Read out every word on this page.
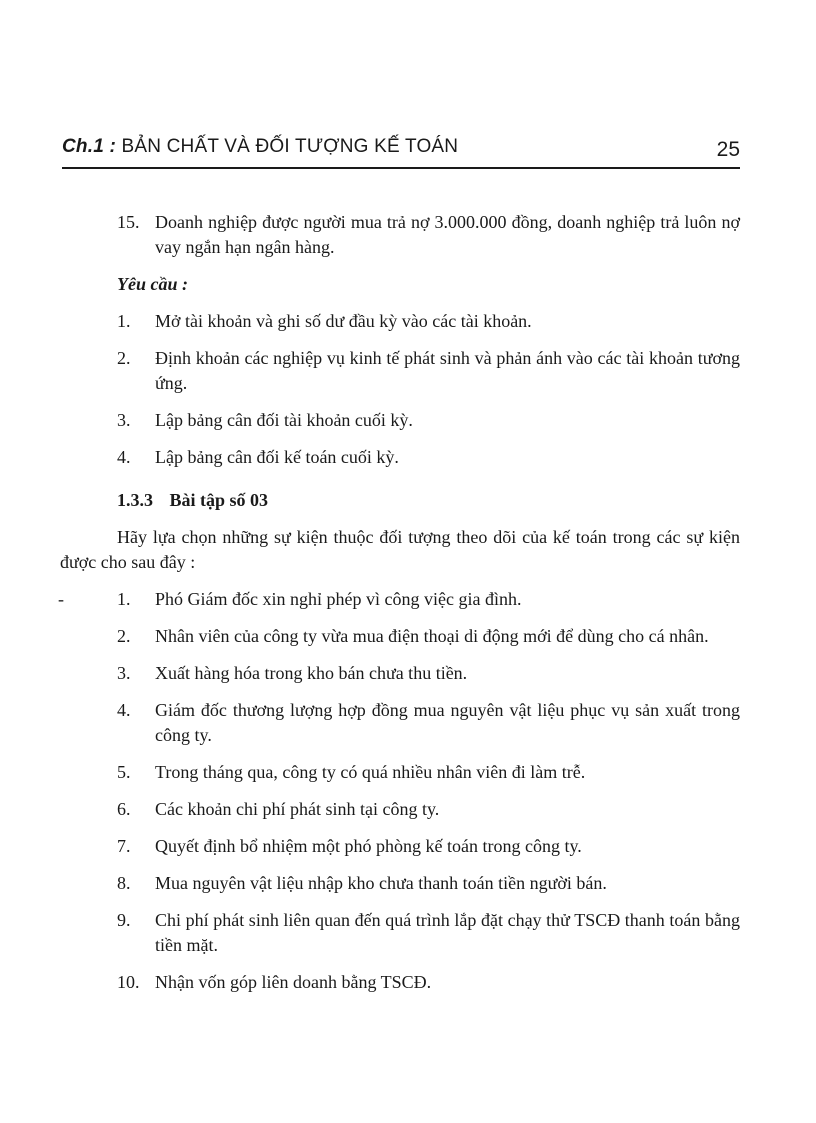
Ch.1 : BẢN CHẤT VÀ ĐỐI TƯỢNG KẾ TOÁN	25
15. Doanh nghiệp được người mua trả nợ 3.000.000 đồng, doanh nghiệp trả luôn nợ vay ngắn hạn ngân hàng.
Yêu cầu :
1.	Mở tài khoản và ghi số dư đầu kỳ vào các tài khoản.
2.	Định khoản các nghiệp vụ kinh tế phát sinh và phản ánh vào các tài khoản tương ứng.
3.	Lập bảng cân đối tài khoản cuối kỳ.
4.	Lập bảng cân đối kế toán cuối kỳ.
1.3.3 Bài tập số 03
Hãy lựa chọn những sự kiện thuộc đối tượng theo dõi của kế toán trong các sự kiện được cho sau đây :
-	1.	Phó Giám đốc xin nghỉ phép vì công việc gia đình.
2.	Nhân viên của công ty vừa mua điện thoại di động mới để dùng cho cá nhân.
3.	Xuất hàng hóa trong kho bán chưa thu tiền.
4.	Giám đốc thương lượng hợp đồng mua nguyên vật liệu phục vụ sản xuất trong công ty.
5.	Trong tháng qua, công ty có quá nhiều nhân viên đi làm trễ.
6.	Các khoản chi phí phát sinh tại công ty.
7.	Quyết định bổ nhiệm một phó phòng kế toán trong công ty.
8.	Mua nguyên vật liệu nhập kho chưa thanh toán tiền người bán.
9.	Chi phí phát sinh liên quan đến quá trình lắp đặt chạy thử TSCĐ thanh toán bằng tiền mặt.
10. Nhận vốn góp liên doanh bằng TSCĐ.
